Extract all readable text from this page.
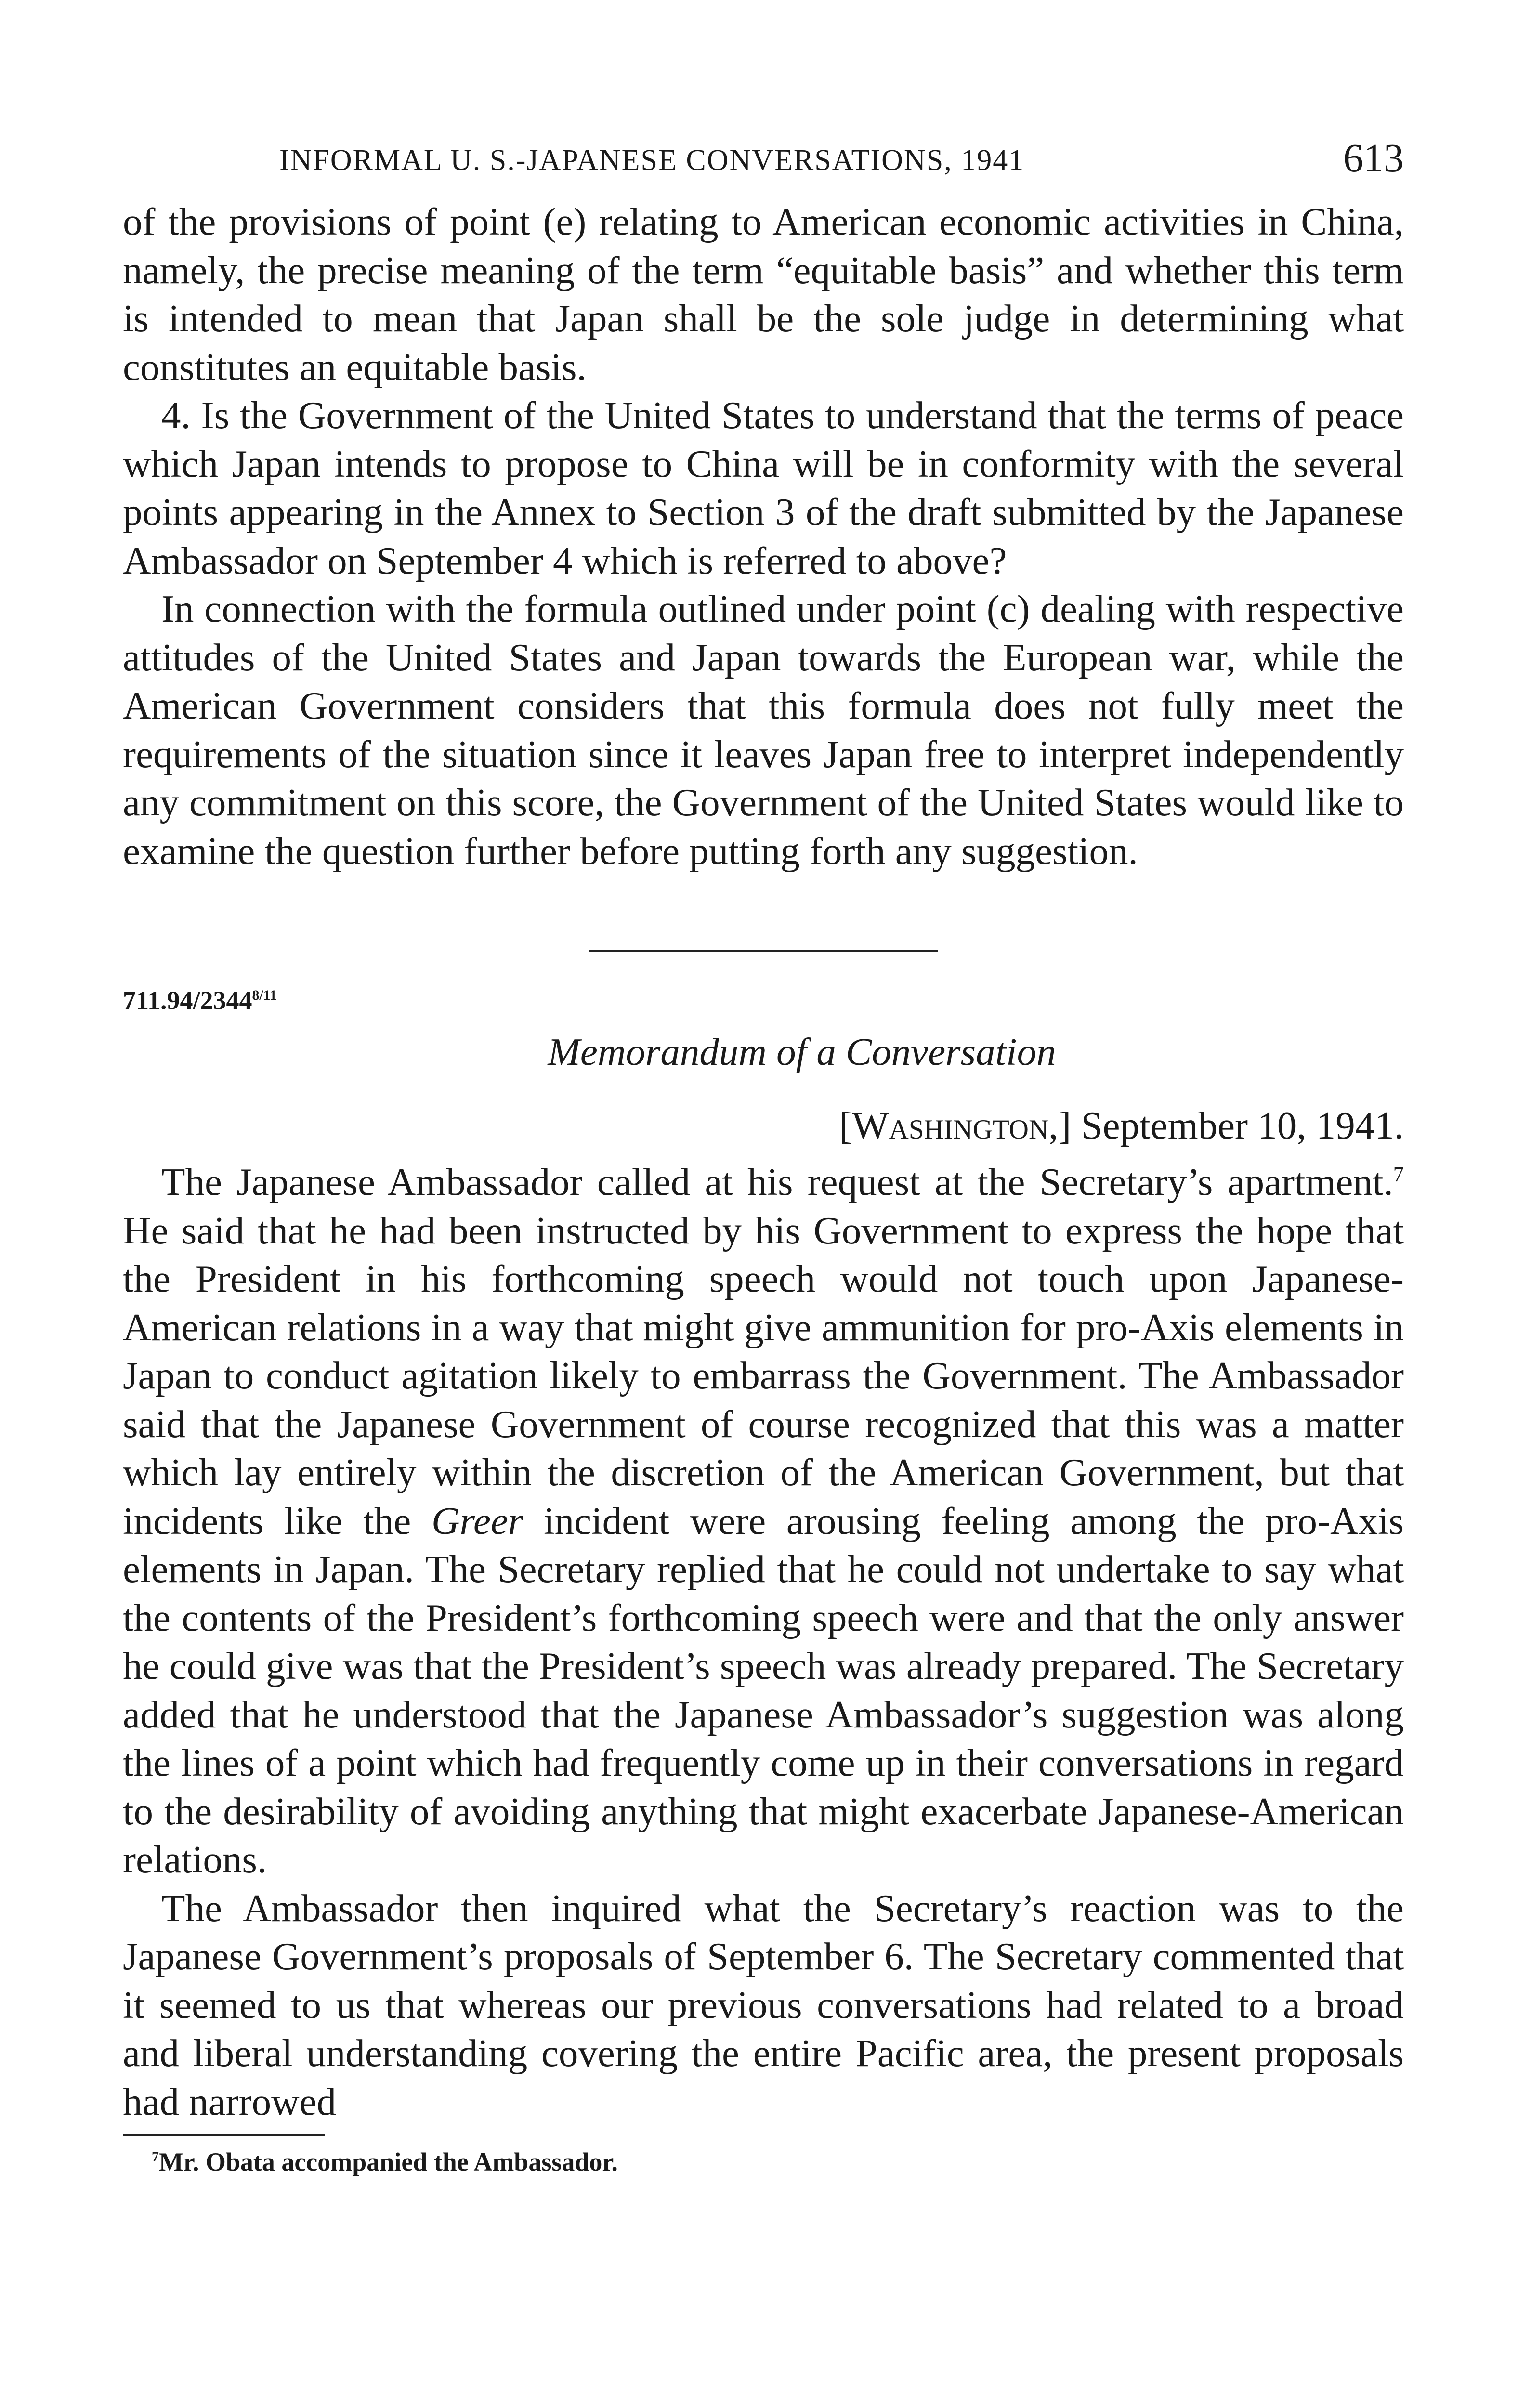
INFORMAL U. S.-JAPANESE CONVERSATIONS, 1941	613

of the provisions of point (e) relating to American economic activities in China, namely, the precise meaning of the term “equitable basis” and whether this term is intended to mean that Japan shall be the sole judge in determining what constitutes an equitable basis.

4. Is the Government of the United States to understand that the terms of peace which Japan intends to propose to China will be in conformity with the several points appearing in the Annex to Section 3 of the draft submitted by the Japanese Ambassador on September 4 which is referred to above?

In connection with the formula outlined under point (c) dealing with respective attitudes of the United States and Japan towards the European war, while the American Government considers that this formula does not fully meet the requirements of the situation since it leaves Japan free to interpret independently any commitment on this score, the Government of the United States would like to examine the question further before putting forth any suggestion.

$711.94/2344^{8/11}$
Memorandum of a Conversation
[Washington,] September 10, 1941.

The Japanese Ambassador called at his request at the Secretary’s apartment.$^7$ He said that he had been instructed by his Government to express the hope that the President in his forthcoming speech would not touch upon Japanese-American relations in a way that might give ammunition for pro-Axis elements in Japan to conduct agitation likely to embarrass the Government. The Ambassador said that the Japanese Government of course recognized that this was a matter which lay entirely within the discretion of the American Government, but that incidents like the Greer incident were arousing feeling among the pro-Axis elements in Japan. The Secretary replied that he could not undertake to say what the contents of the President’s forthcoming speech were and that the only answer he could give was that the President’s speech was already prepared. The Secretary added that he understood that the Japanese Ambassador’s suggestion was along the lines of a point which had frequently come up in their conversations in regard to the desirability of avoiding anything that might exacerbate Japanese-American relations.

The Ambassador then inquired what the Secretary’s reaction was to the Japanese Government’s proposals of September 6. The Secretary commented that it seemed to us that whereas our previous conversations had related to a broad and liberal understanding covering the entire Pacific area, the present proposals had narrowed

$^7$Mr. Obata accompanied the Ambassador.
